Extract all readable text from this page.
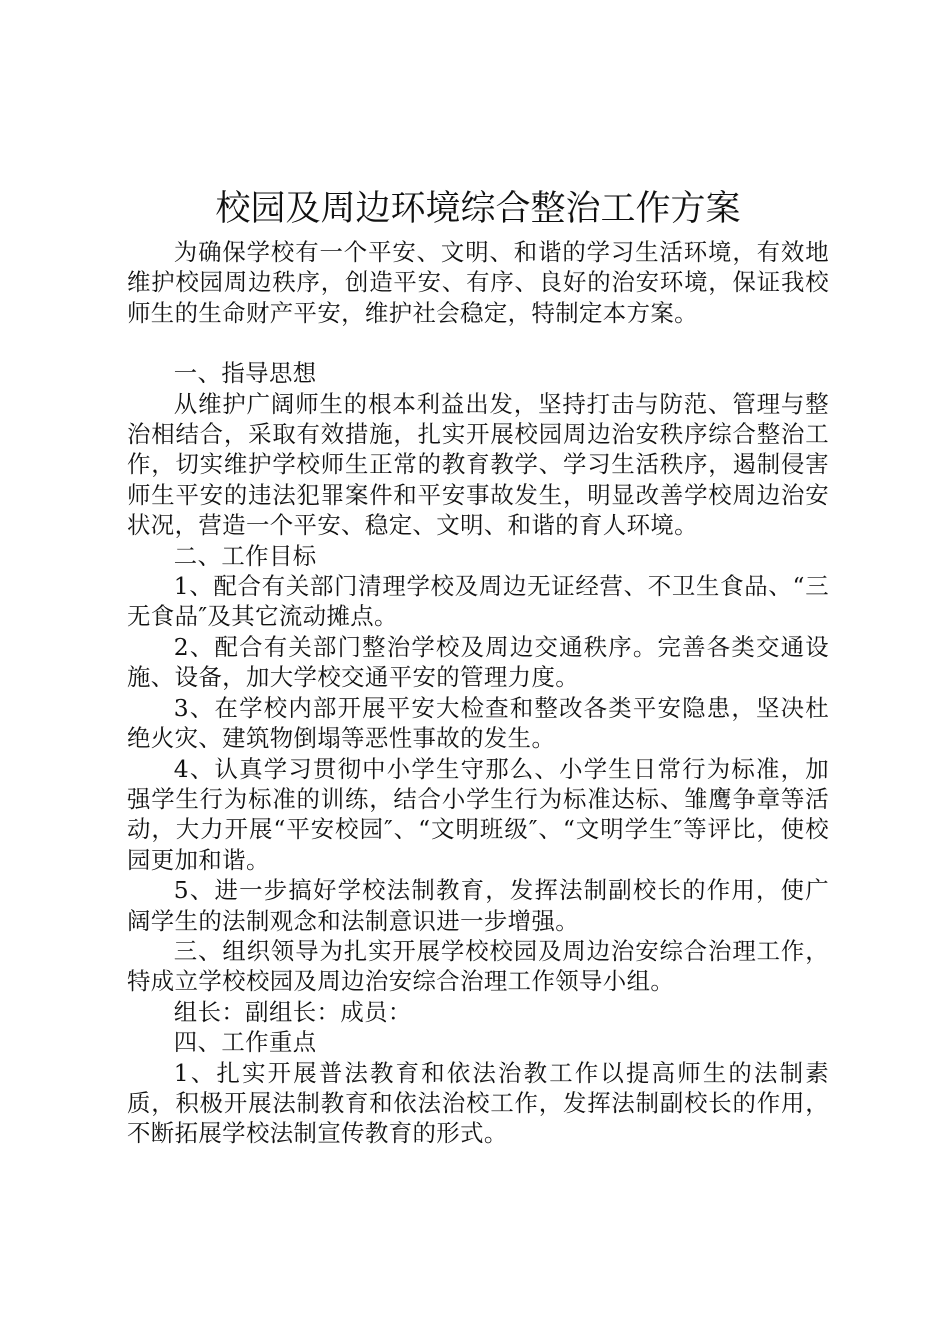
校园及周边环境综合整治工作方案

为确保学校有一个平安、文明、和谐的学习生活环境，有效地维护校园周边秩序，创造平安、有序、良好的治安环境，保证我校师生的生命财产平安，维护社会稳定，特制定本方案。

一、指导思想

从维护广阔师生的根本利益出发，坚持打击与防范、管理与整治相结合，采取有效措施，扎实开展校园周边治安秩序综合整治工作，切实维护学校师生正常的教育教学、学习生活秩序，遏制侵害师生平安的违法犯罪案件和平安事故发生，明显改善学校周边治安状况，营造一个平安、稳定、文明、和谐的育人环境。

二、工作目标

1、配合有关部门清理学校及周边无证经营、不卫生食品、“三无食品″及其它流动摊点。

2、配合有关部门整治学校及周边交通秩序。完善各类交通设施、设备，加大学校交通平安的管理力度。

3、在学校内部开展平安大检查和整改各类平安隐患，坚决杜绝火灾、建筑物倒塌等恶性事故的发生。

4、认真学习贯彻中小学生守那么、小学生日常行为标准，加强学生行为标准的训练，结合小学生行为标准达标、雏鹰争章等活动，大力开展“平安校园″、“文明班级″、“文明学生″等评比，使校园更加和谐。

5、进一步搞好学校法制教育，发挥法制副校长的作用，使广阔学生的法制观念和法制意识进一步增强。

三、组织领导为扎实开展学校校园及周边治安综合治理工作，特成立学校校园及周边治安综合治理工作领导小组。

组长：副组长：成员：

四、工作重点

1、扎实开展普法教育和依法治教工作以提高师生的法制素质，积极开展法制教育和依法治校工作，发挥法制副校长的作用，不断拓展学校法制宣传教育的形式。
